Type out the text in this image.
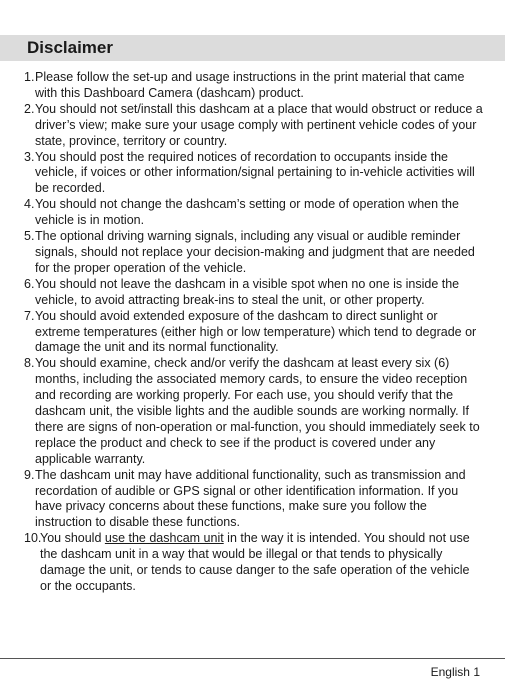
Disclaimer
1. Please follow the set-up and usage instructions in the print material that came with this Dashboard Camera (dashcam) product.
2. You should not set/install this dashcam at a place that would obstruct or reduce a driver’s view; make sure your usage comply with pertinent vehicle codes of your state, province, territory or country.
3. You should post the required notices of recordation to occupants inside the vehicle, if voices or other information/signal pertaining to in-vehicle activities will be recorded.
4. You should not change the dashcam’s setting or mode of operation when the vehicle is in motion.
5. The optional driving warning signals, including any visual or audible reminder signals, should not replace your decision-making and judgment that are needed for the proper operation of the vehicle.
6. You should not leave the dashcam in a visible spot when no one is inside the vehicle, to avoid attracting break-ins to steal the unit, or other property.
7. You should avoid extended exposure of the dashcam to direct sunlight or extreme temperatures (either high or low temperature) which tend to degrade or damage the unit and its normal functionality.
8. You should examine, check and/or verify the dashcam at least every six (6) months, including the associated memory cards, to ensure the video reception and recording are working properly. For each use, you should verify that the dashcam unit, the visible lights and the audible sounds are working normally. If there are signs of non-operation or mal-function, you should immediately seek to replace the product and check to see if the product is covered under any applicable warranty.
9. The dashcam unit may have additional functionality, such as transmission and recordation of audible or GPS signal or other identification information. If you have privacy concerns about these functions, make sure you follow the instruction to disable these functions.
10.
You should use the dashcam unit in the way it is intended. You should not use the dashcam unit in a way that would be illegal or that tends to physically damage the unit, or tends to cause danger to the safe operation of the vehicle or the occupants.
English 1
